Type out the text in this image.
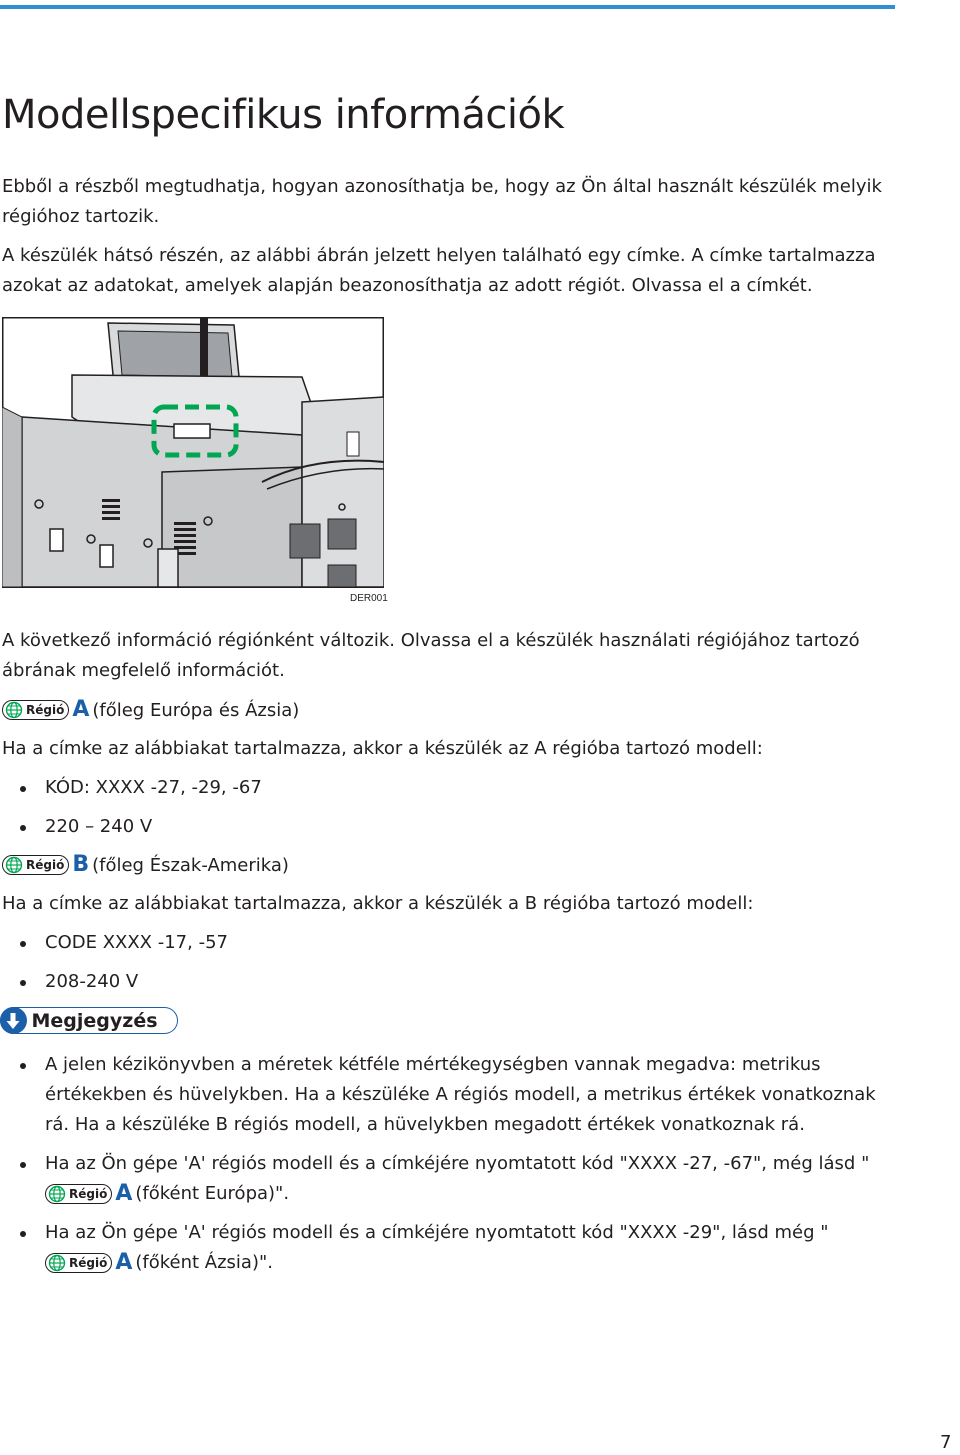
Modellspecifikus információk

Ebből a részből megtudhatja, hogyan azonosíthatja be, hogy az Ön által használt készülék melyik régióhoz tartozik.

A készülék hátsó részén, az alábbi ábrán jelzett helyen található egy címke. A címke tartalmazza azokat az adatokat, amelyek alapján beazonosíthatja az adott régiót. Olvassa el a címkét.

DER001

A következő információ régiónként változik. Olvassa el a készülék használati régiójához tartozó ábrának megfelelő információt.

Régió A (főleg Európa és Ázsia)

Ha a címke az alábbiakat tartalmazza, akkor a készülék az A régióba tartozó modell:

KÓD: XXXX -27, -29, -67
220 – 240 V
Régió B (főleg Észak-Amerika)

Ha a címke az alábbiakat tartalmazza, akkor a készülék a B régióba tartozó modell:

CODE XXXX -17, -57
208-240 V
Megjegyzés
A jelen kézikönyvben a méretek kétféle mértékegységben vannak megadva: metrikus értékekben és hüvelykben. Ha a készüléke A régiós modell, a metrikus értékek vonatkoznak rá. Ha a készüléke B régiós modell, a hüvelykben megadott értékek vonatkoznak rá.
Ha az Ön gépe 'A' régiós modell és a címkéjére nyomtatott kód "XXXX -27, -67", még lásd "
Régió A (főként Európa)".
Ha az Ön gépe 'A' régiós modell és a címkéjére nyomtatott kód "XXXX -29", lásd még "
Régió A (főként Ázsia)".
7
